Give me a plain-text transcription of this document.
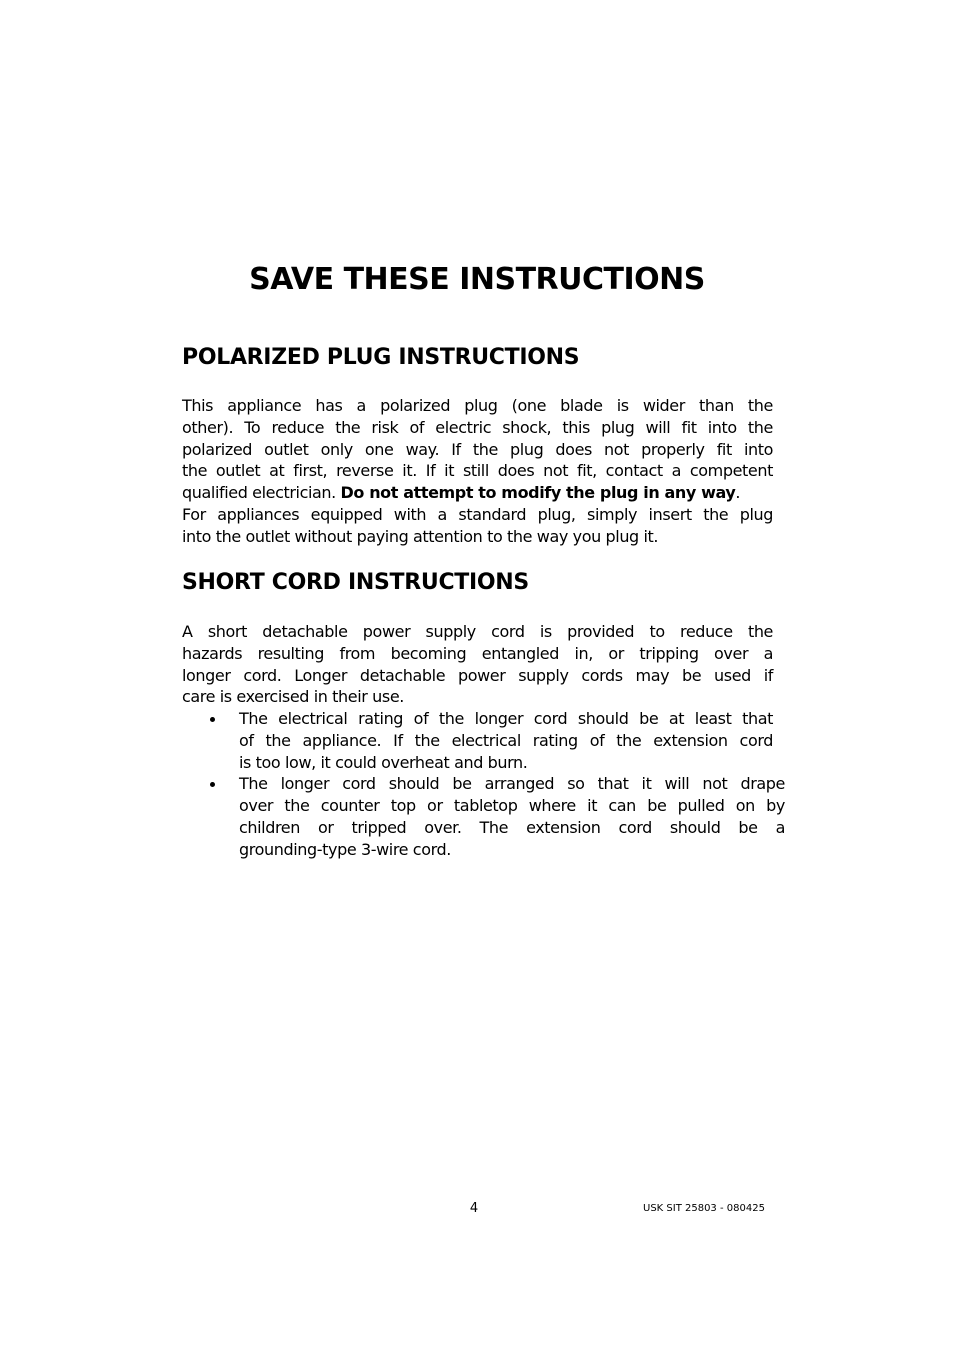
SAVE THESE INSTRUCTIONS
POLARIZED PLUG INSTRUCTIONS
This appliance has a polarized plug (one blade is wider than the
other). To reduce the risk of electric shock, this plug will fit into the
polarized outlet only one way. If the plug does not properly fit into
the outlet at first, reverse it. If it still does not fit, contact a competent
qualified electrician. Do not attempt to modify the plug in any way.
For appliances equipped with a standard plug, simply insert the plug
into the outlet without paying attention to the way you plug it.
SHORT CORD INSTRUCTIONS
A short detachable power supply cord is provided to reduce the
hazards resulting from becoming entangled in, or tripping over a
longer cord. Longer detachable power supply cords may be used if
care is exercised in their use.
The electrical rating of the longer cord should be at least that
of the appliance. If the electrical rating of the extension cord
is too low, it could overheat and burn.
The longer cord should be arranged so that it will not drape
over the counter top or tabletop where it can be pulled on by
children or tripped over. The extension cord should be a
grounding-type 3-wire cord.
4	USK SIT 25803 - 080425
